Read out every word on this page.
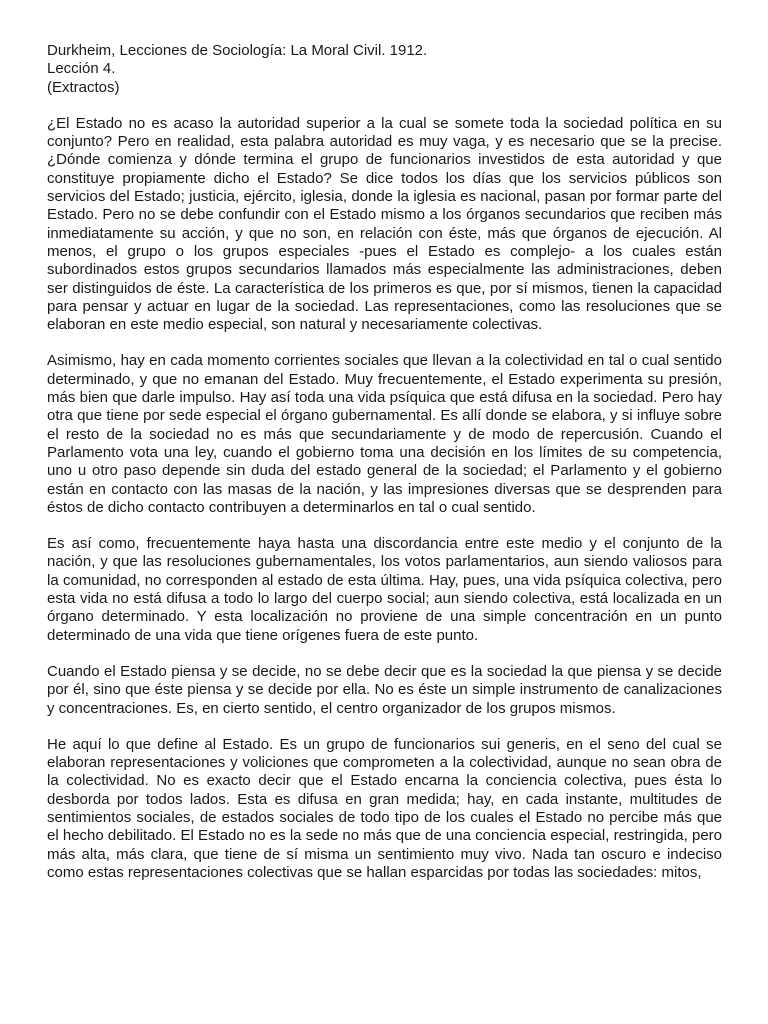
Durkheim, Lecciones de Sociología: La Moral Civil. 1912.
Lección 4.
(Extractos)

¿El Estado no es acaso la autoridad superior a la cual se somete toda la sociedad política en su conjunto? Pero en realidad, esta palabra autoridad es muy vaga, y es necesario que se la precise. ¿Dónde comienza y dónde termina el grupo de funcionarios investidos de esta autoridad y que constituye propiamente dicho el Estado? Se dice todos los días que los servicios públicos son servicios del Estado; justicia, ejército, iglesia, donde la iglesia es nacional, pasan por formar parte del Estado. Pero no se debe confundir con el Estado mismo a los órganos secundarios que reciben más inmediatamente su acción, y que no son, en relación con éste, más que órganos de ejecución. Al menos, el grupo o los grupos especiales -pues el Estado es complejo- a los cuales están subordinados estos grupos secundarios llamados más especialmente las administraciones, deben ser distinguidos de éste. La característica de los primeros es que, por sí mismos, tienen la capacidad para pensar y actuar en lugar de la sociedad. Las representaciones, como las resoluciones que se elaboran en este medio especial, son natural y necesariamente colectivas.

Asimismo, hay en cada momento corrientes sociales que llevan a la colectividad en tal o cual sentido determinado, y que no emanan del Estado. Muy frecuentemente, el Estado experimenta su presión, más bien que darle impulso. Hay así toda una vida psíquica que está difusa en la sociedad. Pero hay otra que tiene por sede especial el órgano gubernamental. Es allí donde se elabora, y si influye sobre el resto de la sociedad no es más que secundariamente y de modo de repercusión. Cuando el Parlamento vota una ley, cuando el gobierno toma una decisión en los límites de su competencia, uno u otro paso depende sin duda del estado general de la sociedad; el Parlamento y el gobierno están en contacto con las masas de la nación, y las impresiones diversas que se desprenden para éstos de dicho contacto contribuyen a determinarlos en tal o cual sentido.

Es así como, frecuentemente haya hasta una discordancia entre este medio y el conjunto de la nación, y que las resoluciones gubernamentales, los votos parlamentarios, aun siendo valiosos para la comunidad, no corresponden al estado de esta última. Hay, pues, una vida psíquica colectiva, pero esta vida no está difusa a todo lo largo del cuerpo social; aun siendo colectiva, está localizada en un órgano determinado. Y esta localización no proviene de una simple concentración en un punto determinado de una vida que tiene orígenes fuera de este punto.

Cuando el Estado piensa y se decide, no se debe decir que es la sociedad la que piensa y se decide por él, sino que éste piensa y se decide por ella. No es éste un simple instrumento de canalizaciones y concentraciones. Es, en cierto sentido, el centro organizador de los grupos mismos.

He aquí lo que define al Estado. Es un grupo de funcionarios sui generis, en el seno del cual se elaboran representaciones y voliciones que comprometen a la colectividad, aunque no sean obra de la colectividad. No es exacto decir que el Estado encarna la conciencia colectiva, pues ésta lo desborda por todos lados. Esta es difusa en gran medida; hay, en cada instante, multitudes de sentimientos sociales, de estados sociales de todo tipo de los cuales el Estado no percibe más que el hecho debilitado. El Estado no es la sede no más que de una conciencia especial, restringida, pero más alta, más clara, que tiene de sí misma un sentimiento muy vivo. Nada tan oscuro e indeciso como estas representaciones colectivas que se hallan esparcidas por todas las sociedades: mitos,
